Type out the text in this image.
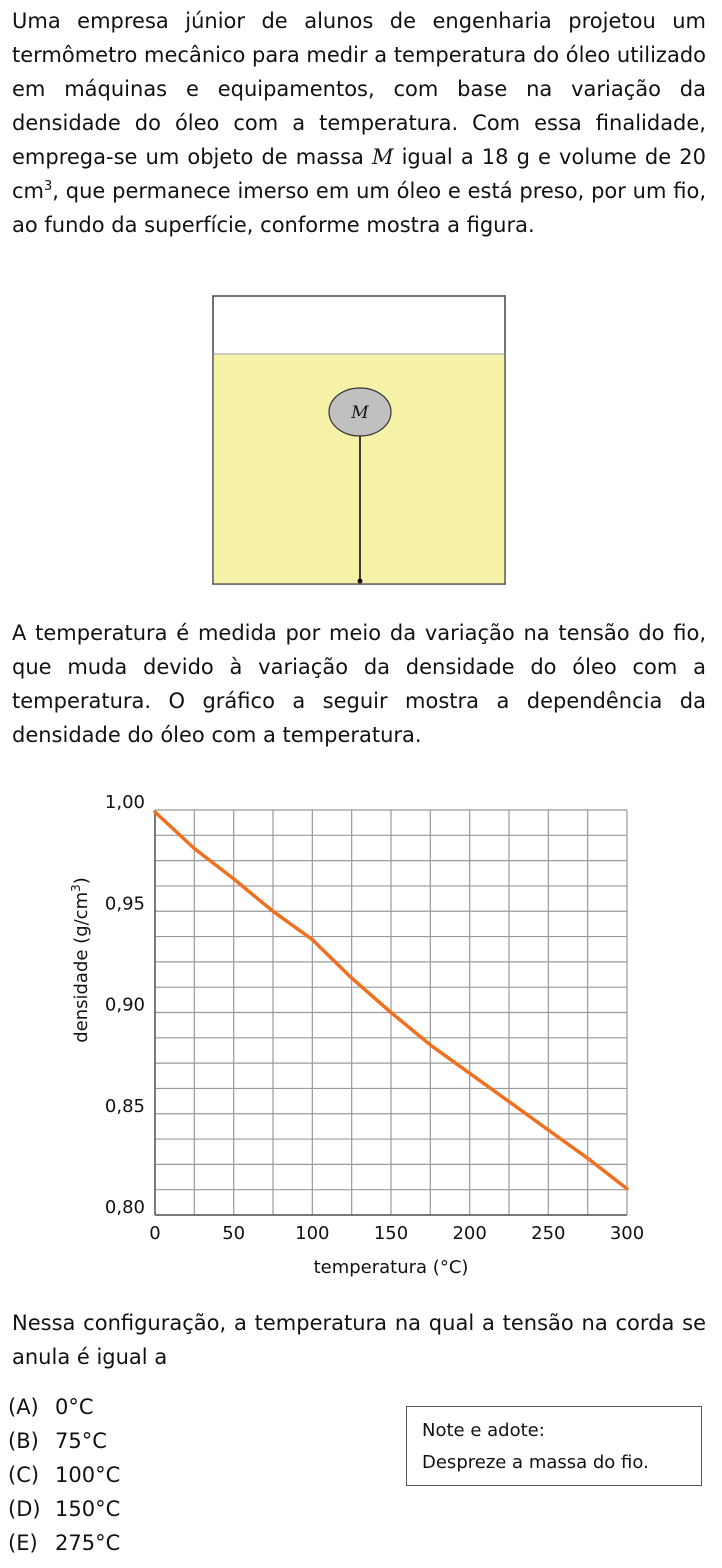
Uma empresa júnior de alunos de engenharia projetou um termômetro mecânico para medir a temperatura do óleo utilizado em máquinas e equipamentos, com base na variação da densidade do óleo com a temperatura. Com essa finalidade, emprega-se um objeto de massa M igual a 18 g e volume de 20 $cm^3$, que permanece imerso em um óleo e está preso, por um fio, ao fundo da superfície, conforme mostra a figura.

M

A temperatura é medida por meio da variação na tensão do fio, que muda devido à variação da densidade do óleo com a temperatura. O gráfico a seguir mostra a dependência da densidade do óleo com a temperatura.

0	50	100 150 200 250 300
0,80
0,85
0,90
0,95
1,00
temperatura (°C)
densidade $(g/cm^3)$

Nessa configuração, a temperatura na qual a tensão na corda se anula é igual a

(A) 0°C
(B) 75°C
(C) 100°C
(D) 150°C
(E) 275°C
Note e adote:
Despreze a massa do fio.
